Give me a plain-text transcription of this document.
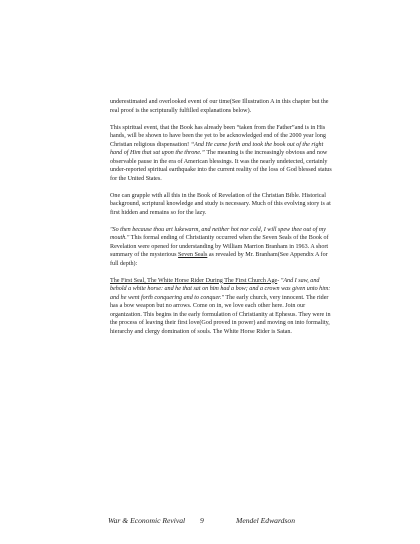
underestimated and overlooked event of our time(See Illustration A in this chapter but the real proof is the scripturally fulfilled explanations below).

This spiritual event, that the Book has already been “taken from the Father”and is in His hands, will be shown to have been the yet to be acknowledged end of the 2000 year long Christian religious dispensation! “And He came forth and took the book out of the right hand of Him that sat upon the throne.” The meaning is the increasingly obvious and now observable pause in the era of American blessings. It was the nearly undetected, certainly under-reported spiritual earthquake into the current reality of the loss of God blessed status for the United States.

One can grapple with all this in the Book of Revelation of the Christian Bible. Historical background, scriptural knowledge and study is necessary. Much of this evolving story is at first hidden and remains so for the lazy.

"So then because thou art lukewarm, and neither hot nor cold, I will spew thee out of my mouth." This formal ending of Christianity occurred when the Seven Seals of the Book of Revelation were opened for understanding by William Marrion Branham in 1963. A short summary of the mysterious Seven Seals as revealed by Mr. Branham(See Appendix A for full depth):

The First Seal, The White Horse Rider During The First Church Age- "And I saw, and behold a white horse: and he that sat on him had a bow; and a crown was given unto him: and he went forth conquering and to conquer." The early church, very innocent. The rider has a bow weapon but no arrows. Come on in, we love each other here. Join our organization. This begins in the early formulation of Christianity at Ephesus. They were in the process of leaving their first love(God proved in power) and moving on into formality, hierarchy and clergy domination of souls. The White Horse Rider is Satan.

War & Economic Revival 9	Mendel Edwardson
